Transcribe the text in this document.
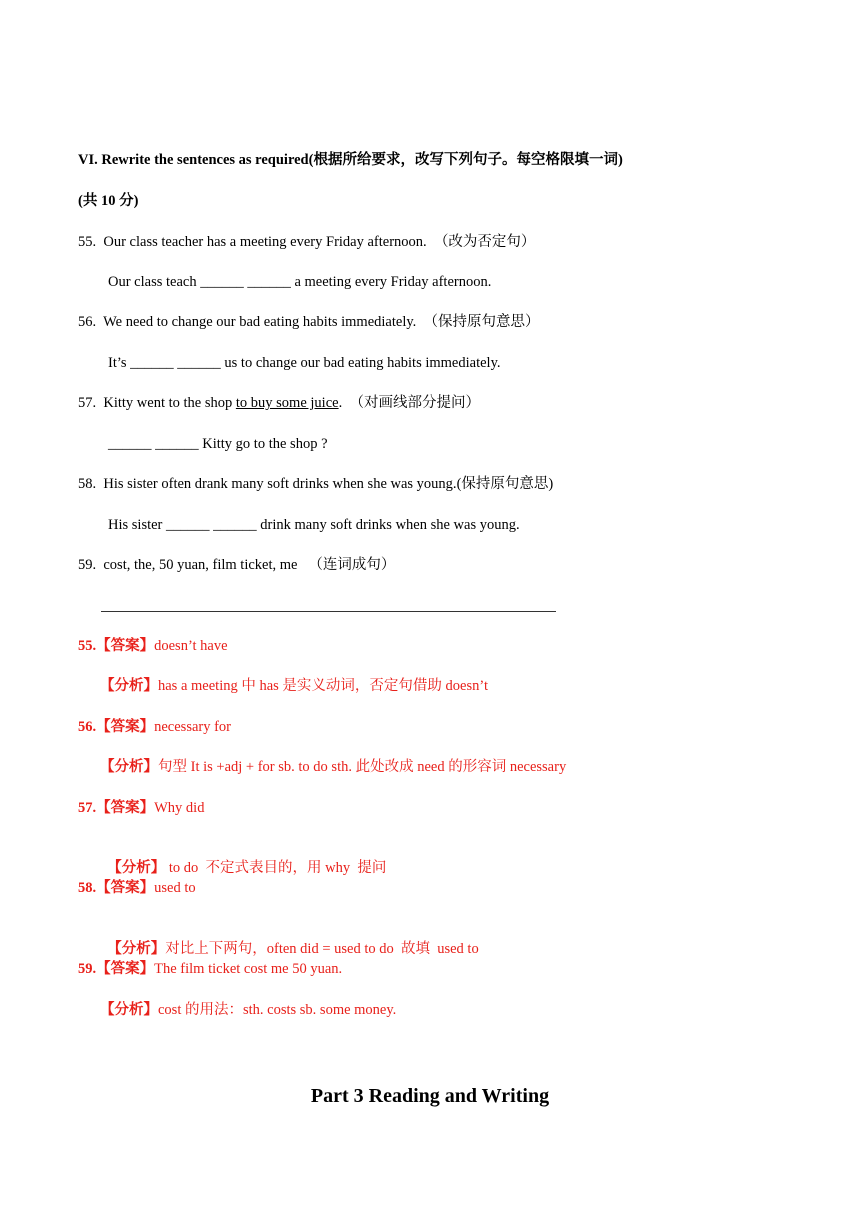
VI. Rewrite the sentences as required(根据所给要求，改写下列句子。每空格限填一词)
(共 10 分)
55. Our class teacher has a meeting every Friday afternoon. （改为否定句）
Our class teach ______ ______ a meeting every Friday afternoon.
56. We need to change our bad eating habits immediately. （保持原句意思）
It’s ______ ______ us to change our bad eating habits immediately.
57. Kitty went to the shop to buy some juice. （对画线部分提问）
______ ______ Kitty go to the shop ?
58. His sister often drank many soft drinks when she was young.(保持原句意思)
His sister ______ ______ drink many soft drinks when she was young.
59. cost, the, 50 yuan, film ticket, me （连词成句）
55.【答案】doesn’t have
【分析】has a meeting 中 has 是实义动词，否定句借助 doesn’t
56.【答案】necessary for
【分析】句型 It is +adj + for sb. to do sth. 此处改成 need 的形容词 necessary
57.【答案】Why did

【分析】 to do  不定式表目的，用 why  提问

58.【答案】used to

【分析】对比上下两句，often did = used to do  故填  used to

59.【答案】The film ticket cost me 50 yuan.
【分析】cost 的用法：sth. costs sb. some money.
Part 3 Reading and Writing
